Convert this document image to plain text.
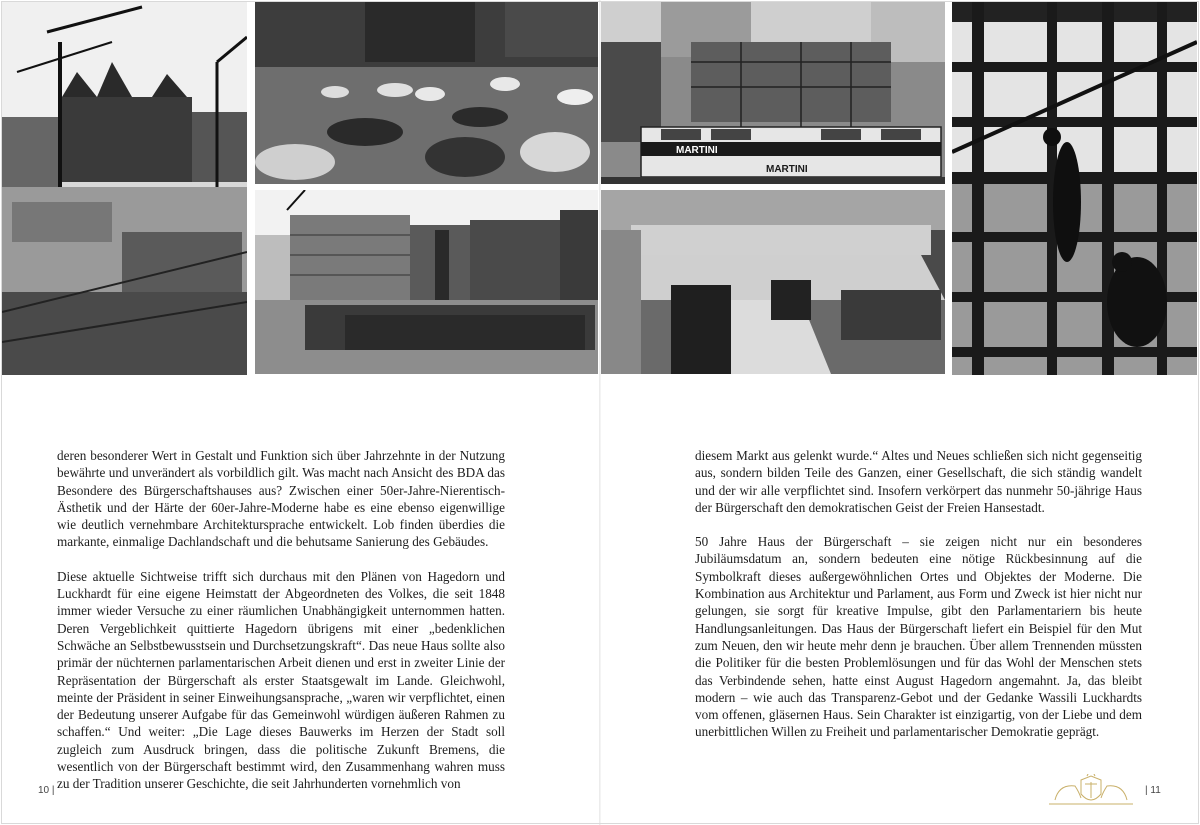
MARTINI
MARTINI

deren besonderer Wert in Gestalt und Funktion sich über Jahrzehnte in der Nutzung bewährte und unverändert als vorbildlich gilt. Was macht nach Ansicht des BDA das Besondere des Bürgerschaftshauses aus? Zwischen einer 50er-Jahre-Nierentisch-Ästhetik und der Härte der 60er-Jahre-Moderne habe es eine ebenso eigenwillige wie deutlich vernehmbare Architektursprache entwickelt. Lob finden überdies die markante, einmalige Dachlandschaft und die behutsame Sanierung des Gebäudes.

Diese aktuelle Sichtweise trifft sich durchaus mit den Plänen von Hagedorn und Luckhardt für eine eigene Heimstatt der Abgeordneten des Volkes, die seit 1848 immer wieder Versuche zu einer räumlichen Unabhängigkeit unternommen hatten. Deren Vergeblichkeit quittierte Hagedorn übrigens mit einer „bedenklichen Schwäche an Selbstbewusstsein und Durchsetzungskraft“. Das neue Haus sollte also primär der nüchternen parlamentarischen Arbeit dienen und erst in zweiter Linie der Repräsentation der Bürgerschaft als erster Staatsgewalt im Lande. Gleichwohl, meinte der Präsident in seiner Einweihungsansprache, „waren wir verpflichtet, einen der Bedeutung unserer Aufgabe für das Gemeinwohl würdigen äußeren Rahmen zu schaffen.“ Und weiter: „Die Lage dieses Bauwerks im Herzen der Stadt soll zugleich zum Ausdruck bringen, dass die politische Zukunft Bremens, die wesentlich von der Bürgerschaft bestimmt wird, den Zusammenhang wahren muss zu der Tradition unserer Geschichte, die seit Jahrhunderten vornehmlich von

diesem Markt aus gelenkt wurde.“ Altes und Neues schließen sich nicht gegenseitig aus, sondern bilden Teile des Ganzen, einer Gesellschaft, die sich ständig wandelt und der wir alle verpflichtet sind. Insofern verkörpert das nunmehr 50-jährige Haus der Bürgerschaft den demokratischen Geist der Freien Hansestadt.

50 Jahre Haus der Bürgerschaft – sie zeigen nicht nur ein besonderes Jubiläumsdatum an, sondern bedeuten eine nötige Rückbesinnung auf die Symbolkraft dieses außergewöhnlichen Ortes und Objektes der Moderne. Die Kombination aus Architektur und Parlament, aus Form und Zweck ist hier nicht nur gelungen, sie sorgt für kreative Impulse, gibt den Parlamentariern bis heute Handlungsanleitungen. Das Haus der Bürgerschaft liefert ein Beispiel für den Mut zum Neuen, den wir heute mehr denn je brauchen. Über allem Trennenden müssten die Politiker für die besten Problemlösungen und für das Wohl der Menschen stets das Verbindende sehen, hatte einst August Hagedorn angemahnt. Ja, das bleibt modern – wie auch das Transparenz-Gebot und der Gedanke Wassili Luckhardts vom offenen, gläsernen Haus. Sein Charakter ist einzigartig, von der Liebe und dem unerbittlichen Willen zu Freiheit und parlamentarischer Demokratie geprägt.

10 |	| 11
